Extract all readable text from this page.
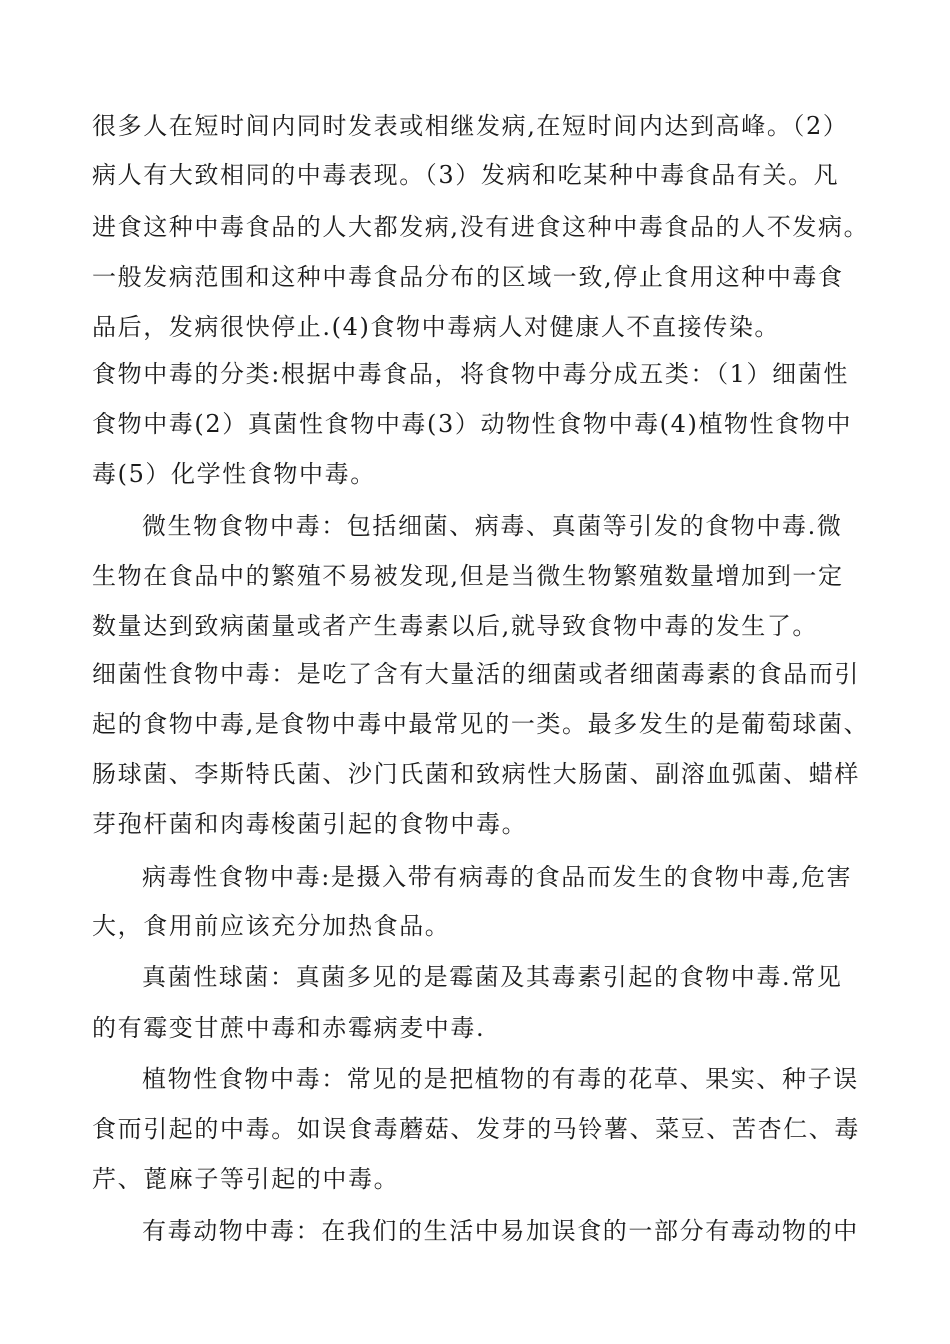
很多人在短时间内同时发表或相继发病,在短时间内达到高峰。（2）
病人有大致相同的中毒表现。（3）发病和吃某种中毒食品有关。凡
进食这种中毒食品的人大都发病,没有进食这种中毒食品的人不发病。
一般发病范围和这种中毒食品分布的区域一致,停止食用这种中毒食
品后，发病很快停止.(4)食物中毒病人对健康人不直接传染。
食物中毒的分类:根据中毒食品，将食物中毒分成五类：（1）细菌性
食物中毒(2）真菌性食物中毒(3）动物性食物中毒(4)植物性食物中
毒(5）化学性食物中毒。
微生物食物中毒：包括细菌、病毒、真菌等引发的食物中毒.微
生物在食品中的繁殖不易被发现,但是当微生物繁殖数量增加到一定
数量达到致病菌量或者产生毒素以后,就导致食物中毒的发生了。
细菌性食物中毒：是吃了含有大量活的细菌或者细菌毒素的食品而引
起的食物中毒,是食物中毒中最常见的一类。最多发生的是葡萄球菌、
肠球菌、李斯特氏菌、沙门氏菌和致病性大肠菌、副溶血弧菌、蜡样
芽孢杆菌和肉毒梭菌引起的食物中毒。
病毒性食物中毒:是摄入带有病毒的食品而发生的食物中毒,危害
大，食用前应该充分加热食品。
真菌性球菌：真菌多见的是霉菌及其毒素引起的食物中毒.常见
的有霉变甘蔗中毒和赤霉病麦中毒.
植物性食物中毒：常见的是把植物的有毒的花草、果实、种子误
食而引起的中毒。如误食毒蘑菇、发芽的马铃薯、菜豆、苦杏仁、毒
芹、蓖麻子等引起的中毒。
有毒动物中毒：在我们的生活中易加误食的一部分有毒动物的中
